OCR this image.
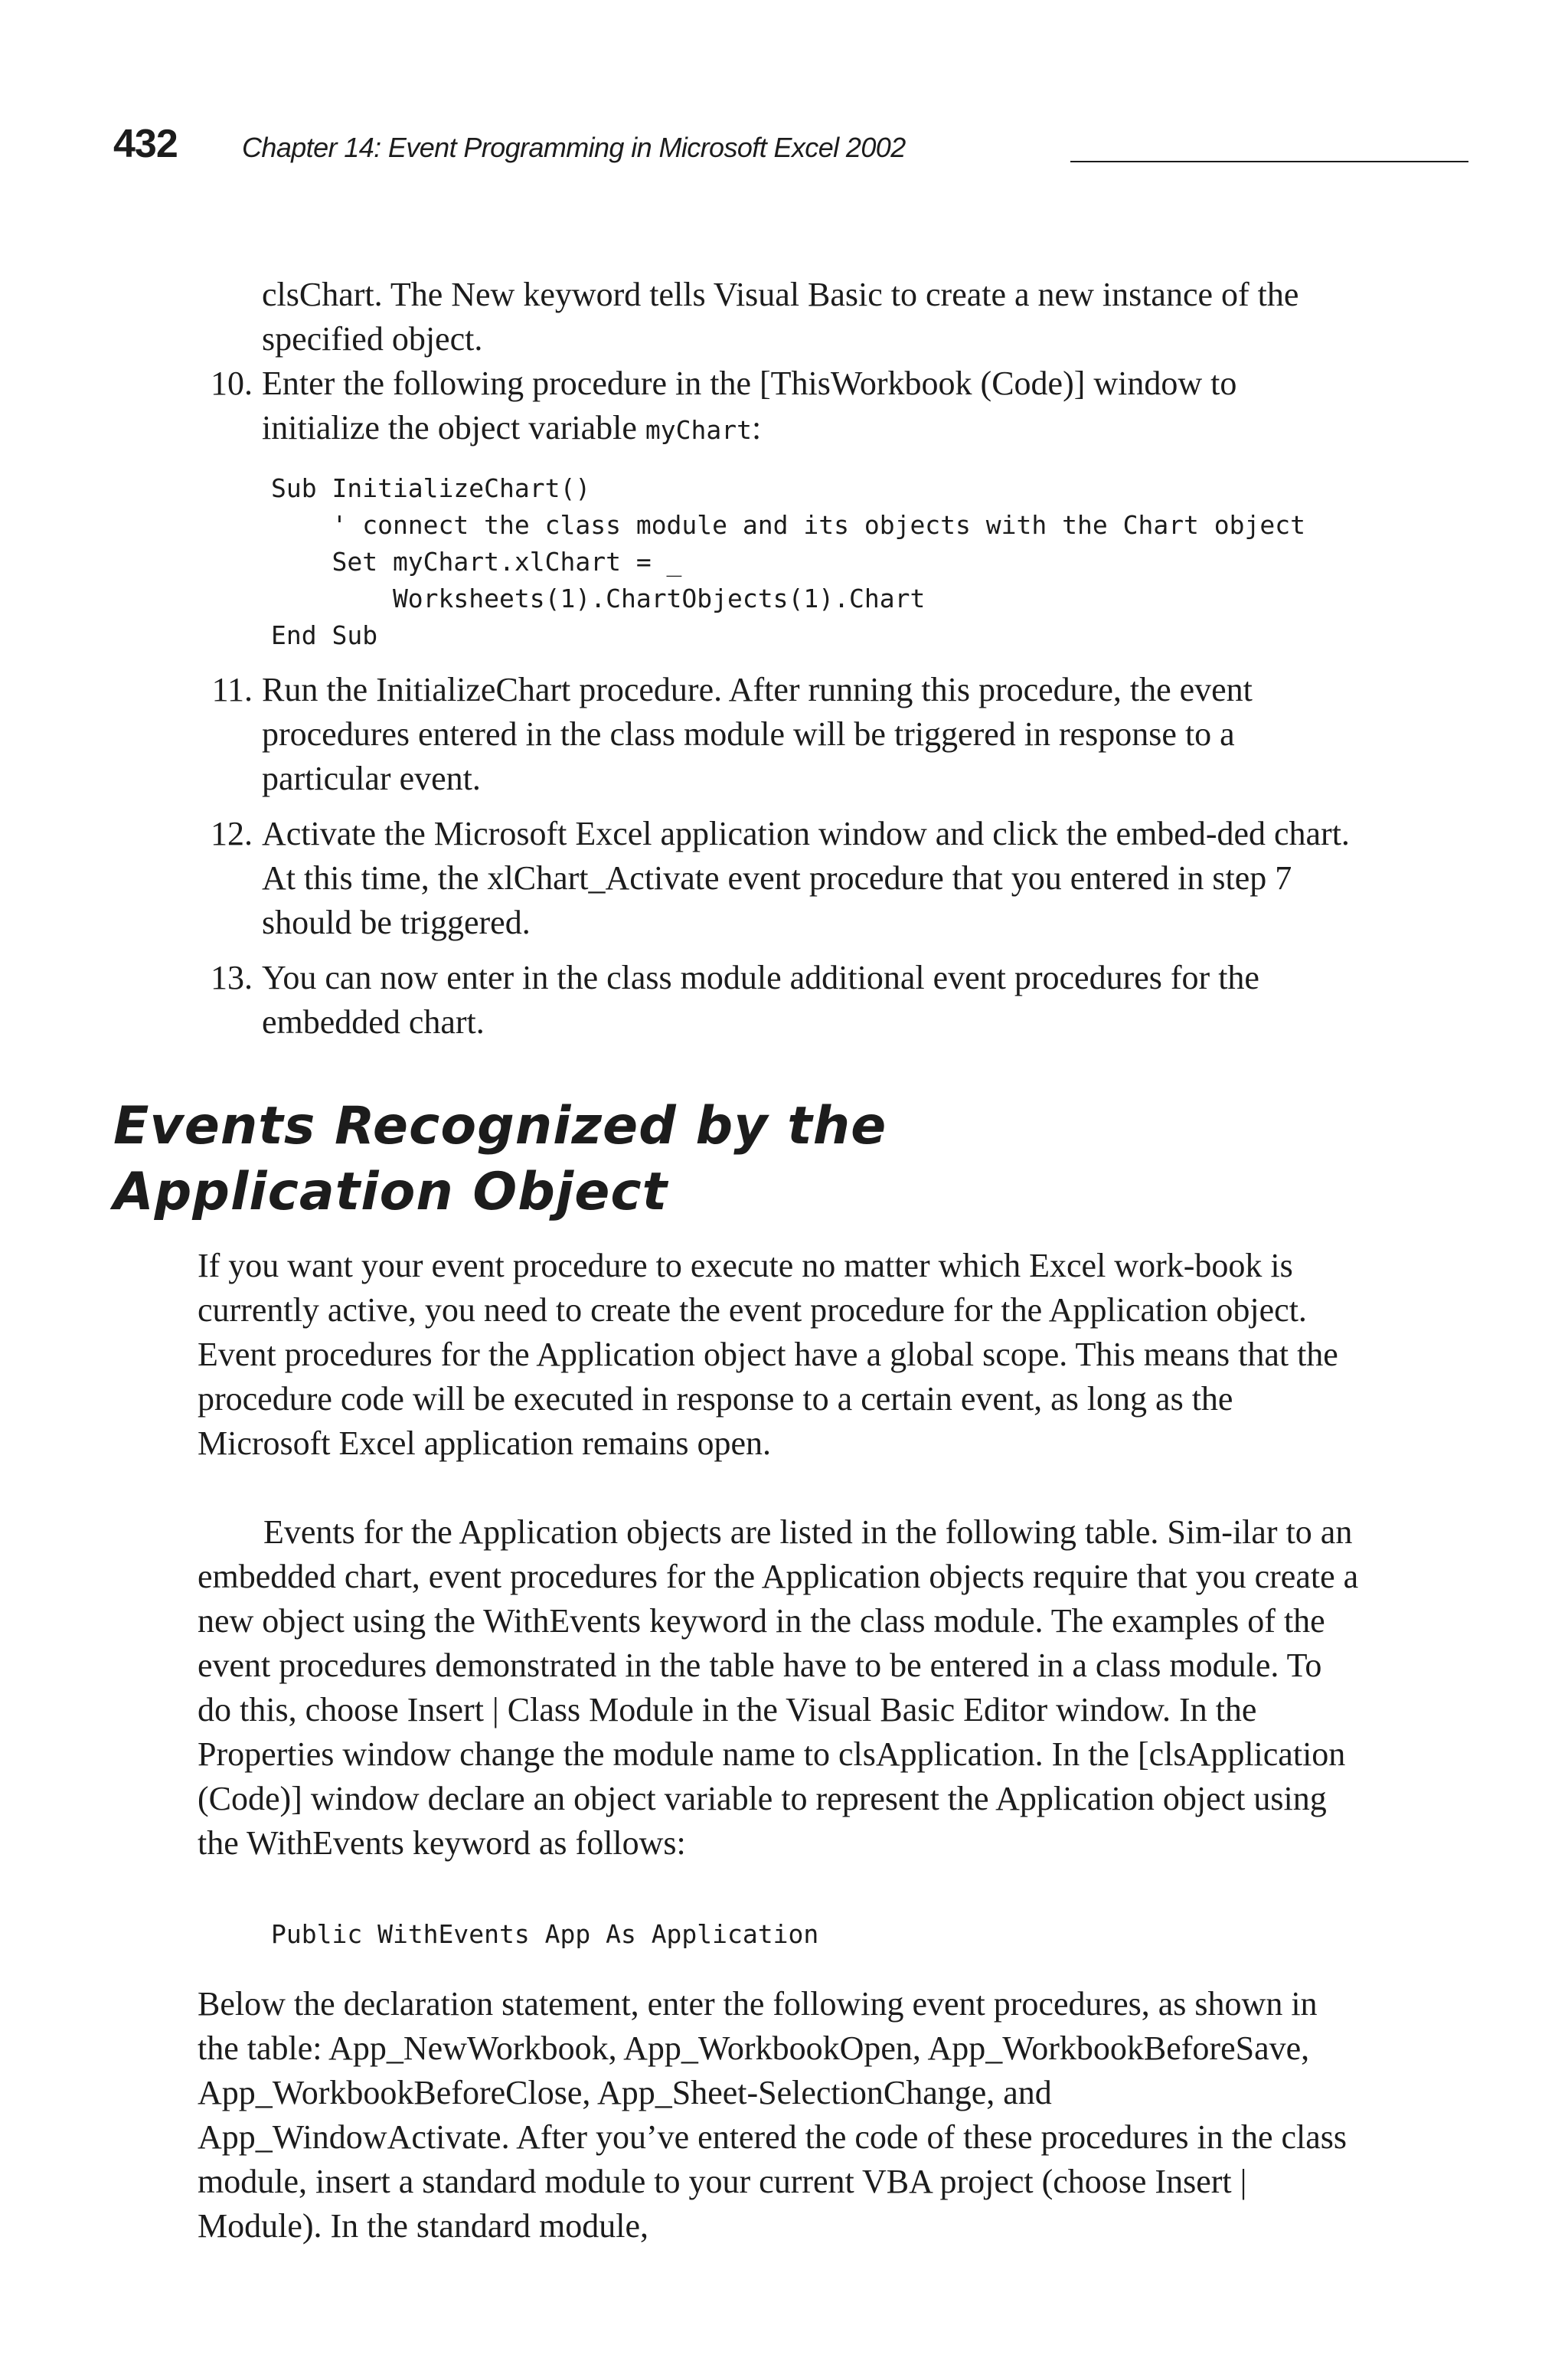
432 Chapter 14: Event Programming in Microsoft Excel 2002

clsChart. The New keyword tells Visual Basic to create a new instance of the specified object.

10. Enter the following procedure in the [ThisWorkbook (Code)] window to initialize the object variable myChart:
Sub InitializeChart()
' connect the class module and its objects with the Chart object
Set myChart.xlChart = _
Worksheets(1).ChartObjects(1).Chart
End Sub
11. Run the InitializeChart procedure. After running this procedure, the event procedures entered in the class module will be triggered in response to a particular event.
12. Activate the Microsoft Excel application window and click the embed-ded chart. At this time, the xlChart_Activate event procedure that you entered in step 7 should be triggered.
13. You can now enter in the class module additional event procedures for the embedded chart.
Events Recognized by the
Application Object

If you want your event procedure to execute no matter which Excel work-book is currently active, you need to create the event procedure for the Application object. Event procedures for the Application object have a global scope. This means that the procedure code will be executed in response to a certain event, as long as the Microsoft Excel application remains open.

Events for the Application objects are listed in the following table. Sim-ilar to an embedded chart, event procedures for the Application objects require that you create a new object using the WithEvents keyword in the class module. The examples of the event procedures demonstrated in the table have to be entered in a class module. To do this, choose Insert | Class Module in the Visual Basic Editor window. In the Properties window change the module name to clsApplication. In the [clsApplication (Code)] window declare an object variable to represent the Application object using the WithEvents keyword as follows:

Public WithEvents App As Application

Below the declaration statement, enter the following event procedures, as shown in the table: App_NewWorkbook, App_WorkbookOpen, App_WorkbookBeforeSave, App_WorkbookBeforeClose, App_Sheet-SelectionChange, and App_WindowActivate. After you’ve entered the code of these procedures in the class module, insert a standard module to your current VBA project (choose Insert | Module). In the standard module,
